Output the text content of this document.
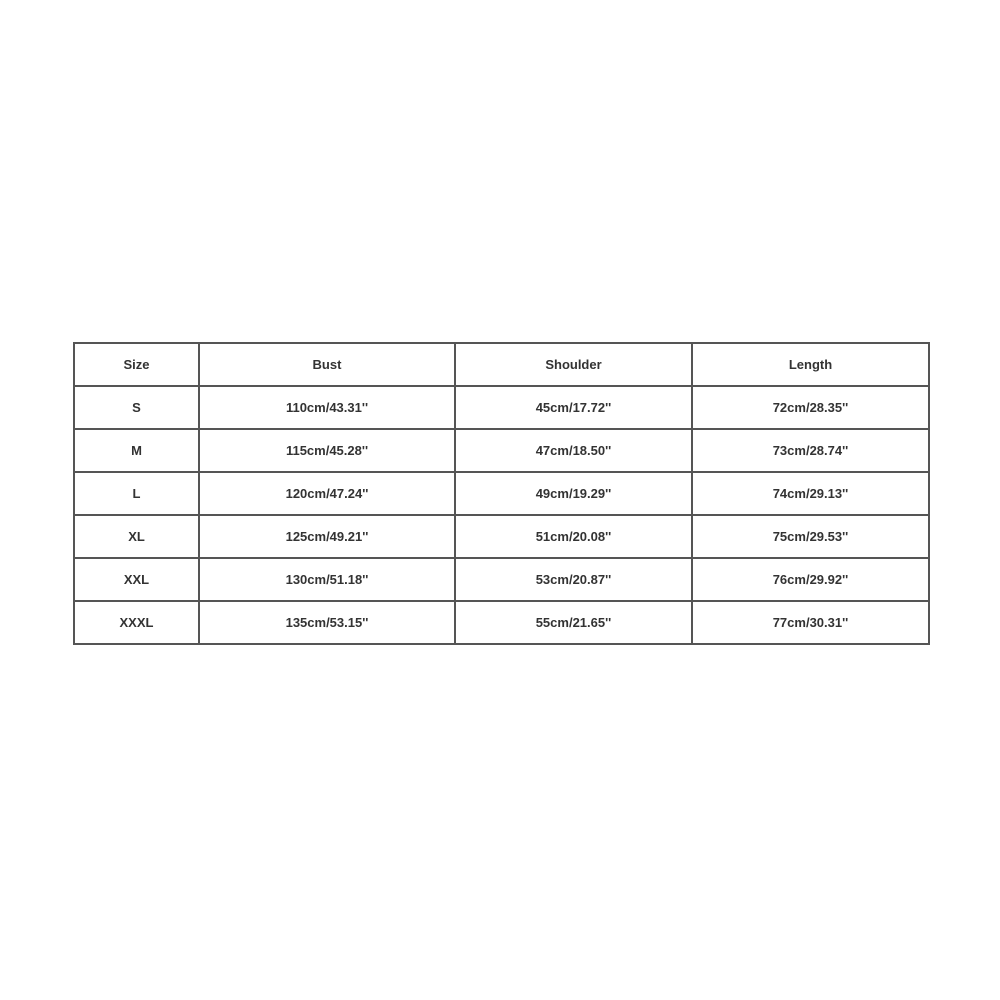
Size	Bust	Shoulder	Length
S	110cm/43.31''	45cm/17.72''	72cm/28.35''
M	115cm/45.28''	47cm/18.50''	73cm/28.74''
L	120cm/47.24''	49cm/19.29''	74cm/29.13''
XL	125cm/49.21''	51cm/20.08''	75cm/29.53''
XXL	130cm/51.18''	53cm/20.87''	76cm/29.92''
XXXL	135cm/53.15''	55cm/21.65''	77cm/30.31''
